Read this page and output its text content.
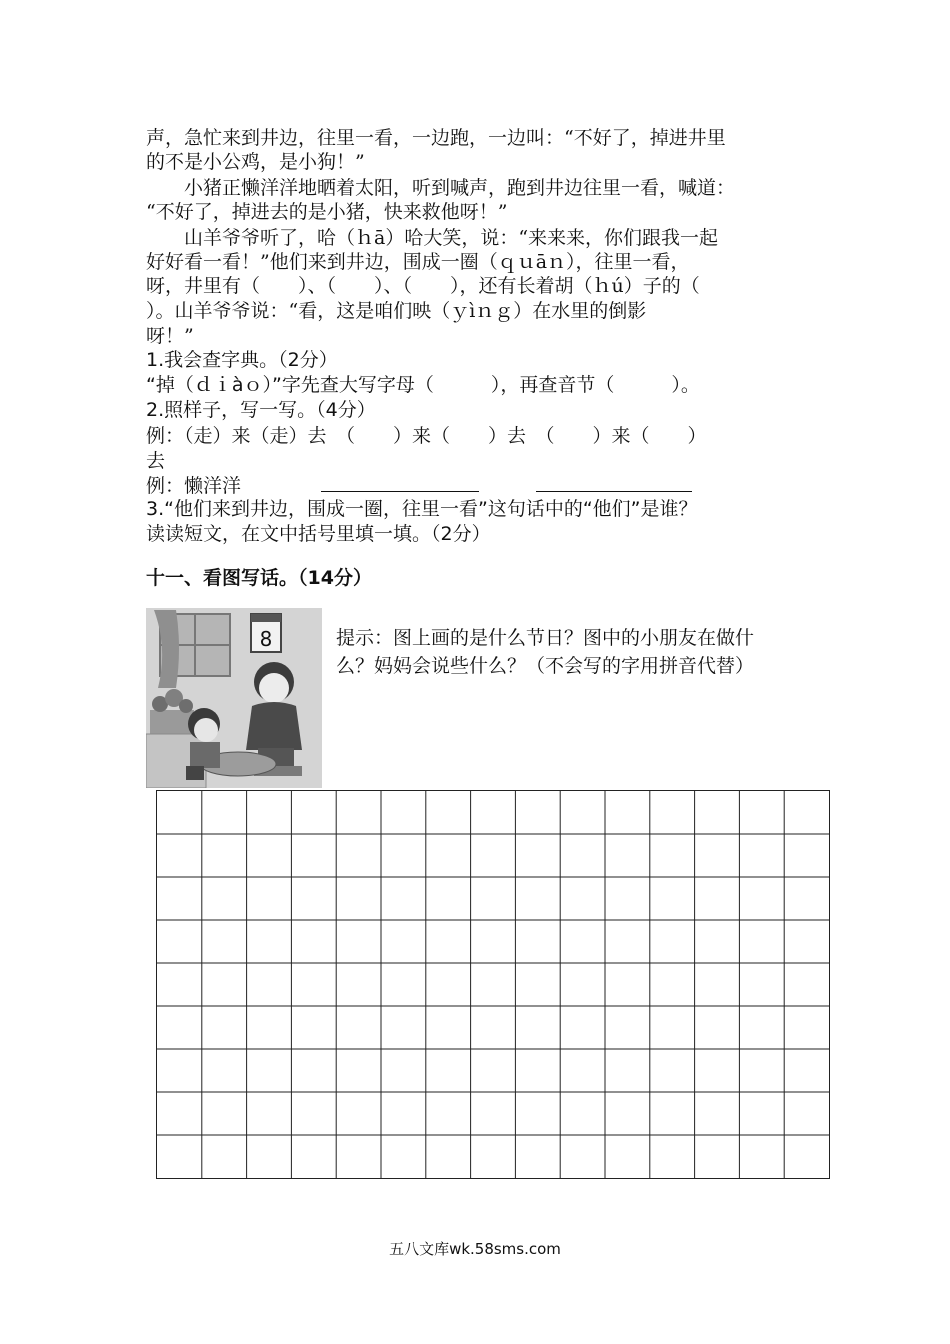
声，急忙来到井边，往里一看，一边跑，一边叫：“不好了，掉进井里
的不是小公鸡，是小狗！”
　　小猪正懒洋洋地晒着太阳，听到喊声，跑到井边往里一看，喊道：
“不好了，掉进去的是小猪，快来救他呀！”
　　山羊爷爷听了，哈（ｈā）哈大笑，说：“来来来，你们跟我一起
好好看一看！”他们来到井边，围成一圈（ｑｕāｎ），往里一看，
呀，井里有（　　）、（　　）、（　　），还有长着胡（ｈú）子的（
）。山羊爷爷说：“看，这是咱们映（ｙìｎｇ）在水里的倒影
呀！”
1.我会查字典。（2分）
“掉（ｄｉàｏ）”字先查大写字母（　　　），再查音节（　　　）。
2.照样子，写一写。（4分）
例：（走）来（走）去　（　　）来（　　）去　（　　）来（　　）
去
例：懒洋洋
3.“他们来到井边，围成一圈，往里一看”这句话中的“他们”是谁？
读读短文，在文中括号里填一填。（2分）
十一、看图写话。（14分）
8	提示：图上画的是什么节日？图中的小朋友在做什
么？妈妈会说些什么？（不会写的字用拼音代替）
五八文库wk.58sms.com
